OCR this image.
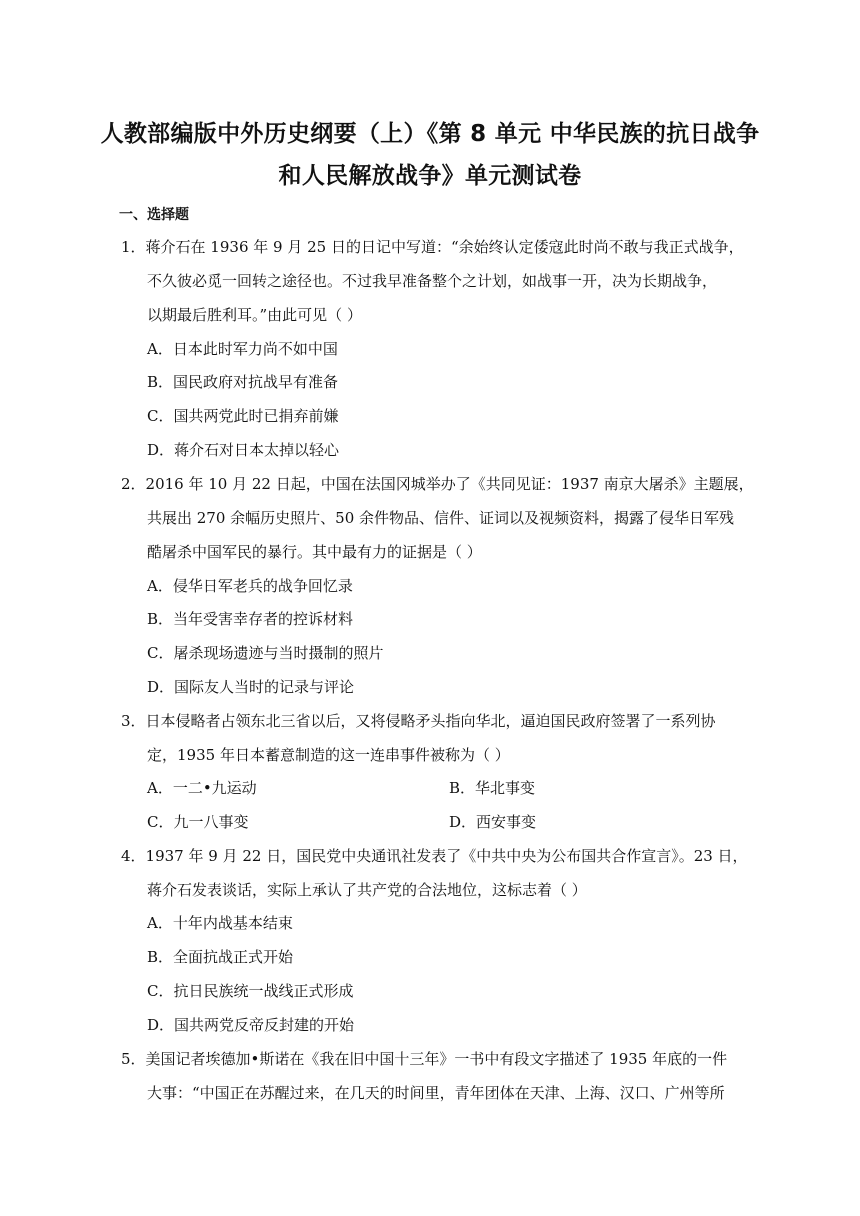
人教部编版中外历史纲要（上）《第 8 单元 中华民族的抗日战争
和人民解放战争》单元测试卷
一、选择题
1．蒋介石在 1936 年 9 月 25 日的日记中写道：“余始终认定倭寇此时尚不敢与我正式战争，
不久彼必觅一回转之途径也。不过我早准备整个之计划，如战事一开，决为长期战争，
以期最后胜利耳。”由此可见（ ）
A．日本此时军力尚不如中国
B．国民政府对抗战早有准备
C．国共两党此时已捐弃前嫌
D．蒋介石对日本太掉以轻心
2．2016 年 10 月 22 日起，中国在法国冈城举办了《共同见证：1937 南京大屠杀》主题展，
共展出 270 余幅历史照片、50 余件物品、信件、证词以及视频资料，揭露了侵华日军残
酷屠杀中国军民的暴行。其中最有力的证据是（ ）
A．侵华日军老兵的战争回忆录
B．当年受害幸存者的控诉材料
C．屠杀现场遗迹与当时摄制的照片
D．国际友人当时的记录与评论
3．日本侵略者占领东北三省以后，又将侵略矛头指向华北，逼迫国民政府签署了一系列协
定，1935 年日本蓄意制造的这一连串事件被称为（ ）
A．一二•九运动	B．华北事变
C．九一八事变	D．西安事变
4．1937 年 9 月 22 日，国民党中央通讯社发表了《中共中央为公布国共合作宣言》。23 日，
蒋介石发表谈话，实际上承认了共产党的合法地位，这标志着（ ）
A．十年内战基本结束
B．全面抗战正式开始
C．抗日民族统一战线正式形成
D．国共两党反帝反封建的开始
5．美国记者埃德加•斯诺在《我在旧中国十三年》一书中有段文字描述了 1935 年底的一件
大事：“中国正在苏醒过来，在几天的时间里，青年团体在天津、上海、汉口、广州等所
